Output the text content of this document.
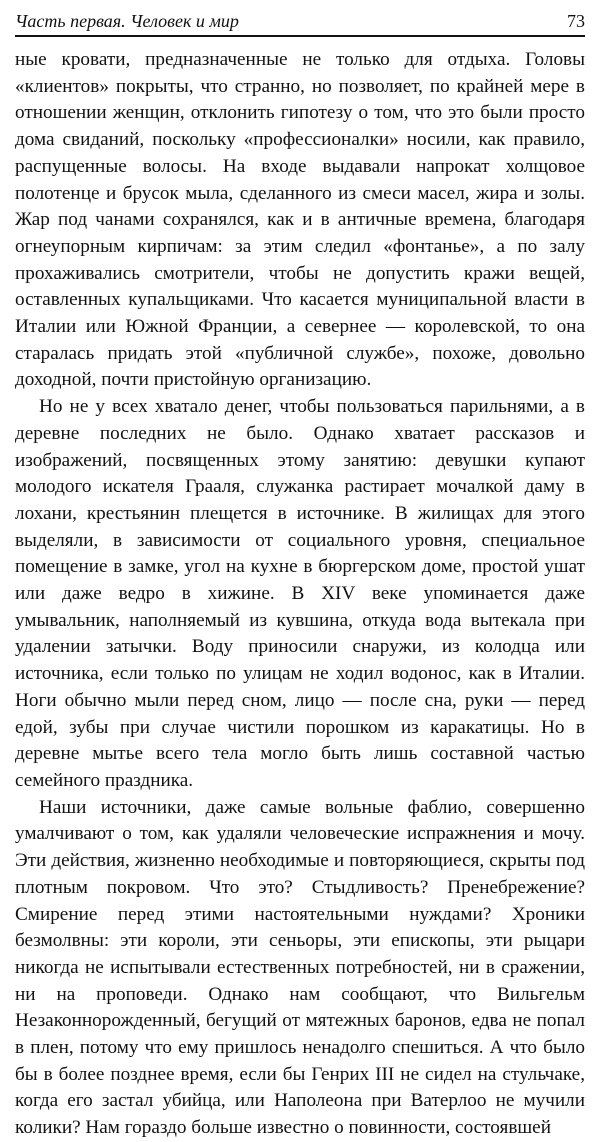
Часть первая. Человек и мир	73

ные кровати, предназначенные не только для отдыха. Головы «клиентов» покрыты, что странно, но позволяет, по крайней мере в отношении женщин, отклонить гипотезу о том, что это были просто дома свиданий, поскольку «профессионалки» носили, как правило, распущенные волосы. На входе выдавали напрокат холщовое полотенце и брусок мыла, сделанного из смеси масел, жира и золы. Жар под чанами сохранялся, как и в античные времена, благодаря огнеупорным кирпичам: за этим следил «фонтанье», а по залу прохаживались смотрители, чтобы не допустить кражи вещей, оставленных купальщиками. Что касается муниципальной власти в Италии или Южной Франции, а севернее — королевской, то она старалась придать этой «публичной службе», похоже, довольно доходной, почти пристойную организацию.

Но не у всех хватало денег, чтобы пользоваться парильнями, а в деревне последних не было. Однако хватает рассказов и изображений, посвященных этому занятию: девушки купают молодого искателя Грааля, служанка растирает мочалкой даму в лохани, крестьянин плещется в источнике. В жилищах для этого выделяли, в зависимости от социального уровня, специальное помещение в замке, угол на кухне в бюргерском доме, простой ушат или даже ведро в хижине. В XIV веке упоминается даже умывальник, наполняемый из кувшина, откуда вода вытекала при удалении затычки. Воду приносили снаружи, из колодца или источника, если только по улицам не ходил водонос, как в Италии. Ноги обычно мыли перед сном, лицо — после сна, руки — перед едой, зубы при случае чистили порошком из каракатицы. Но в деревне мытье всего тела могло быть лишь составной частью семейного праздника.

Наши источники, даже самые вольные фаблио, совершенно умалчивают о том, как удаляли человеческие испражнения и мочу. Эти действия, жизненно необходимые и повторяющиеся, скрыты под плотным покровом. Что это? Стыдливость? Пренебрежение? Смирение перед этими настоятельными нуждами? Хроники безмолвны: эти короли, эти сеньоры, эти епископы, эти рыцари никогда не испытывали естественных потребностей, ни в сражении, ни на проповеди. Однако нам сообщают, что Вильгельм Незаконнорожденный, бегущий от мятежных баронов, едва не попал в плен, потому что ему пришлось ненадолго спешиться. А что было бы в более позднее время, если бы Генрих III не сидел на стульчаке, когда его застал убийца, или Наполеона при Ватерлоо не мучили колики? Нам гораздо больше известно о повинности, состоявшей
